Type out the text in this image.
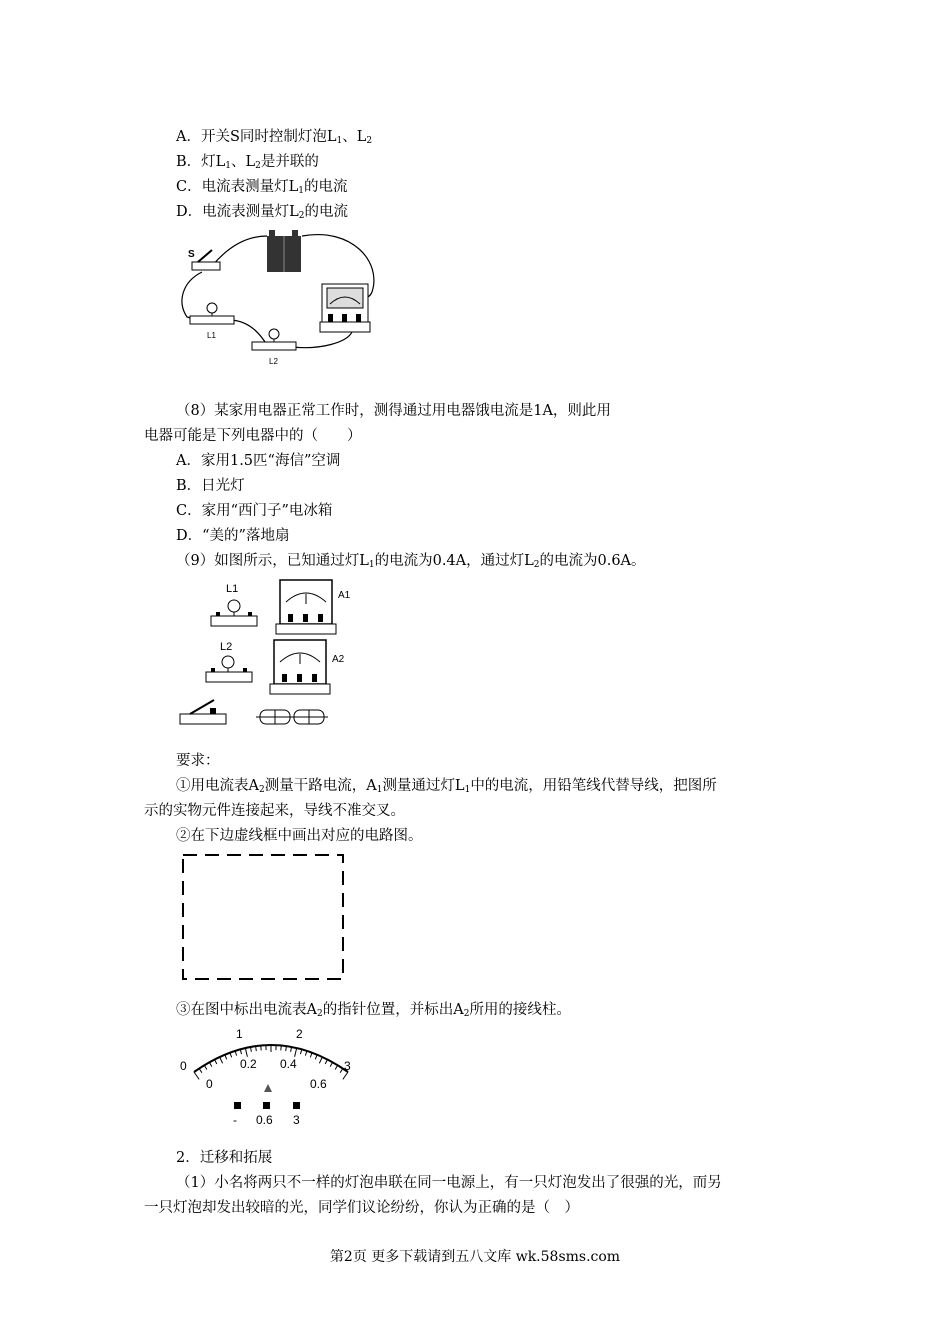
A．开关S同时控制灯泡$L_1$、$L_2$
B．灯$L_1$、$L_2$是并联的
C．电流表测量灯$L_1$的电流
D．电流表测量灯$L_2$的电流
S
L1
L2
（8）某家用电器正常工作时，测得通过用电器饿电流是1A，则此用
电器可能是下列电器中的（　　）
A．家用1.5匹“海信”空调
B．日光灯
C．家用“西门子”电冰箱
D．“美的”落地扇
（9）如图所示，已知通过灯$L_1$的电流为0.4A，通过灯$L_2$的电流为0.6A。
L1
A1
L2
A2
要求：
①用电流表$A_2$测量干路电流，$A_1$测量通过灯$L_1$中的电流，用铅笔线代替导线，把图所
示的实物元件连接起来，导线不准交叉。
②在下边虚线框中画出对应的电路图。
③在图中标出电流表$A_2$的指针位置，并标出$A_2$所用的接线柱。
0
1	2
3
0
0.2 0.4
0.6
- 0.6 3
2．迁移和拓展
（1）小名将两只不一样的灯泡串联在同一电源上，有一只灯泡发出了很强的光，而另
一只灯泡却发出较暗的光，同学们议论纷纷，你认为正确的是（　）
第2页 更多下载请到五八文库 wk.58sms.com
